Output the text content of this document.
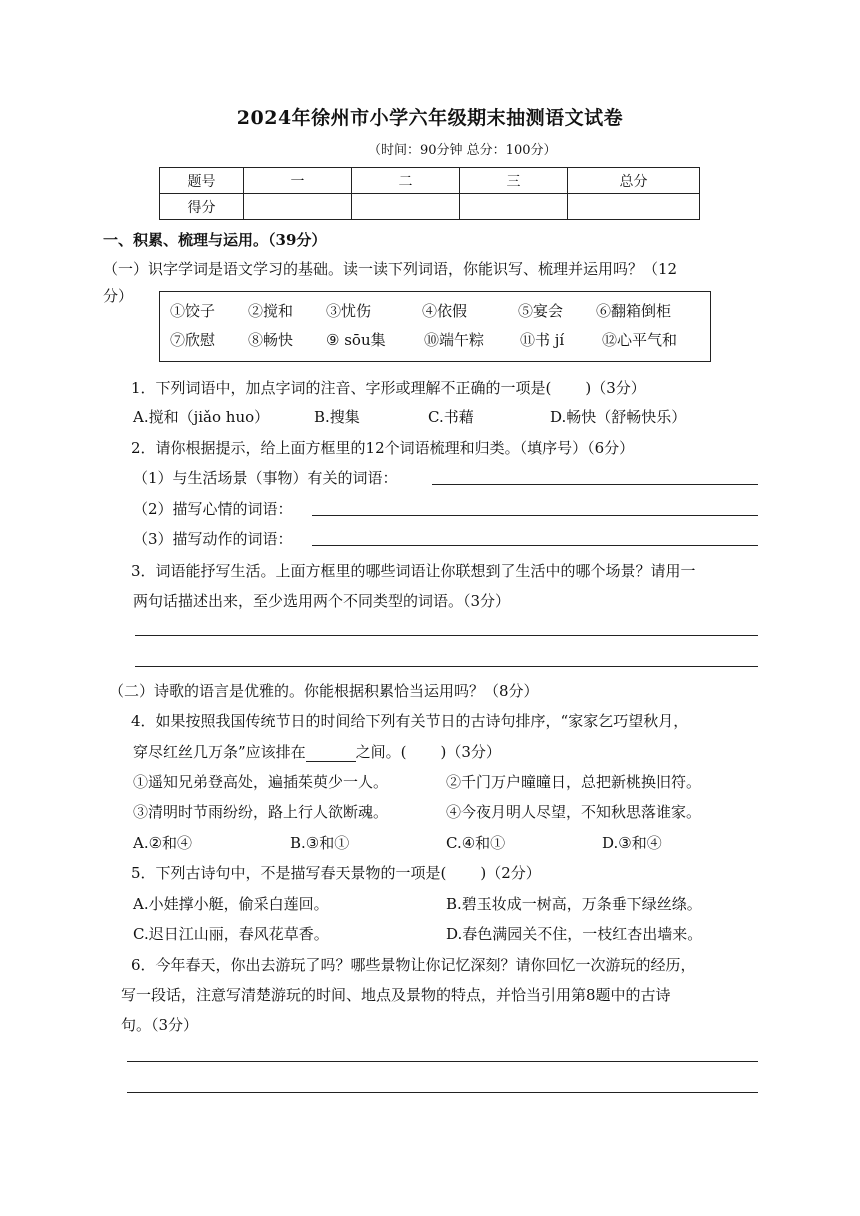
2024年徐州市小学六年级期末抽测语文试卷
（时间：90分钟 总分：100分）
题号	一	二	三	总分
得分				
一、积累、梳理与运用。（39分）
（一）识字学词是语文学习的基础。读一读下列词语，你能识写、梳理并运用吗？（12
分）
①饺子 ②搅和 ③忧伤	④依假	⑤宴会 ⑥翻箱倒柜
⑦欣慰 ⑧畅快 ⑨ sōu集	⑩端午粽 ⑪书 jí	⑫心平气和
1．下列词语中，加点字词的注音、字形或理解不正确的一项是( )（3分）
A.搅和（jiǎo huo）	B.搜集	C.书藉	D.畅快（舒畅快乐）
2．请你根据提示，给上面方框里的12个词语梳理和归类。（填序号）（6分）
（1）与生活场景（事物）有关的词语：
（2）描写心情的词语：
（3）描写动作的词语：
3．词语能抒写生活。上面方框里的哪些词语让你联想到了生活中的哪个场景？请用一
两句话描述出来，至少选用两个不同类型的词语。（3分）
（二）诗歌的语言是优雅的。你能根据积累恰当运用吗？（8分）
4．如果按照我国传统节日的时间给下列有关节日的古诗句排序，“家家乞巧望秋月，
穿尽红丝几万条”应该排在	之间。( )（3分）
①遥知兄弟登高处，遍插茱萸少一人。	②千门万户曈曈日，总把新桃换旧符。
③清明时节雨纷纷，路上行人欲断魂。	④今夜月明人尽望，不知秋思落谁家。
A.②和④	B.③和①	C.④和①	D.③和④
5．下列古诗句中，不是描写春天景物的一项是( )（2分）
A.小娃撑小艇，偷采白莲回。	B.碧玉妆成一树高，万条垂下绿丝绦。
C.迟日江山丽，春风花草香。	D.春色满园关不住，一枝红杏出墙来。
6．今年春天，你出去游玩了吗？哪些景物让你记忆深刻？请你回忆一次游玩的经历，
写一段话，注意写清楚游玩的时间、地点及景物的特点，并恰当引用第8题中的古诗
句。（3分）
